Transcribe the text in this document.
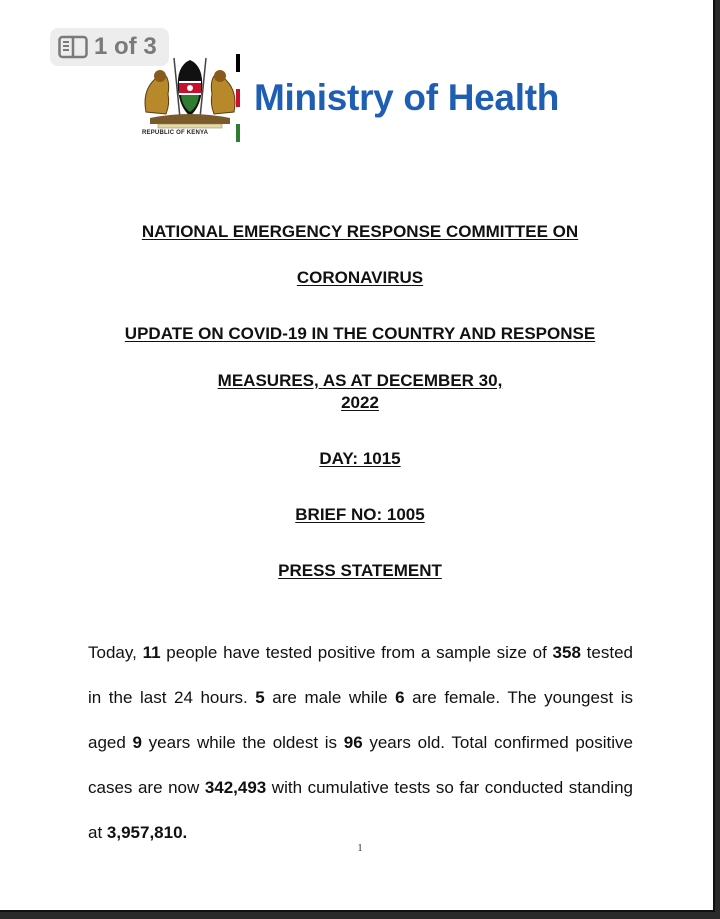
1 of 3
REPUBLIC OF KENYA
Ministry of Health
NATIONAL EMERGENCY RESPONSE COMMITTEE ON
CORONAVIRUS
UPDATE ON COVID-19 IN THE COUNTRY AND RESPONSE
MEASURES, AS AT DECEMBER 30,
2022
DAY: 1015
BRIEF NO: 1005
PRESS STATEMENT

Today, 11 people have tested positive from a sample size of 358 tested in the last 24 hours. 5 are male while 6 are female. The youngest is aged 9 years while the oldest is 96 years old. Total confirmed positive cases are now 342,493 with cumulative tests so far conducted standing at 3,957,810.

1
